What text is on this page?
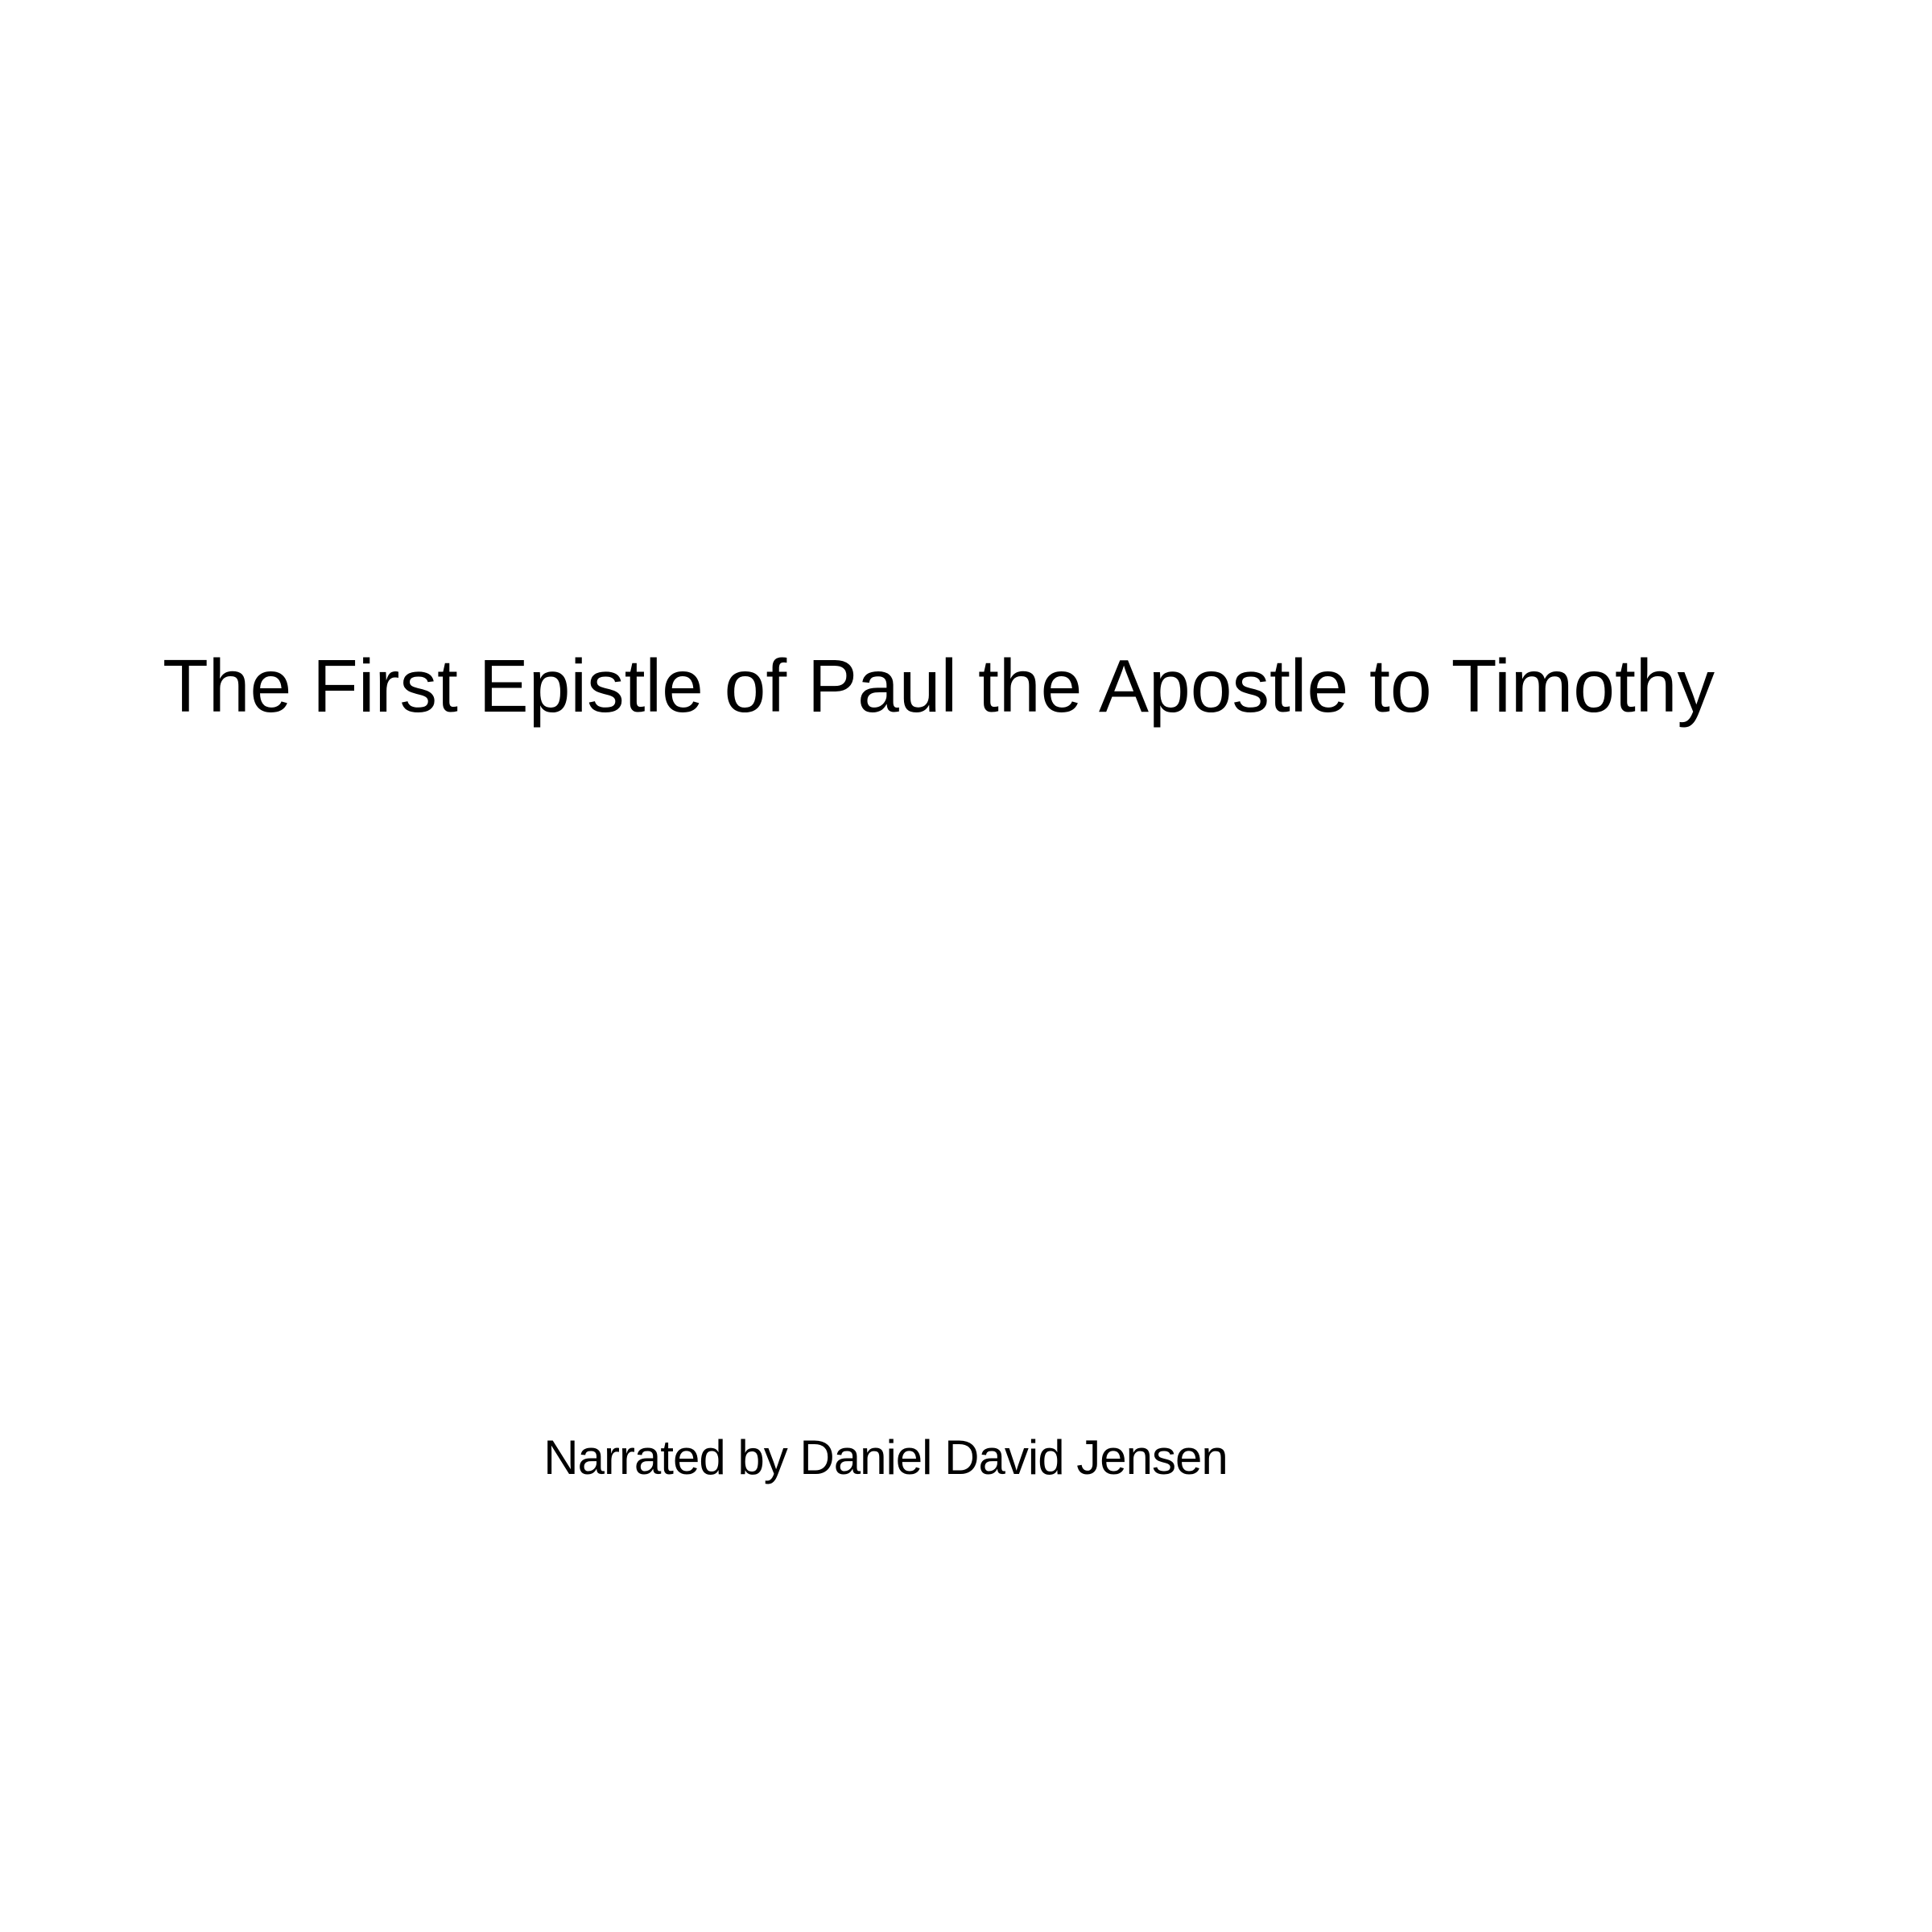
The First Epistle of Paul the Apostle to Timothy
Narrated by Daniel David Jensen
